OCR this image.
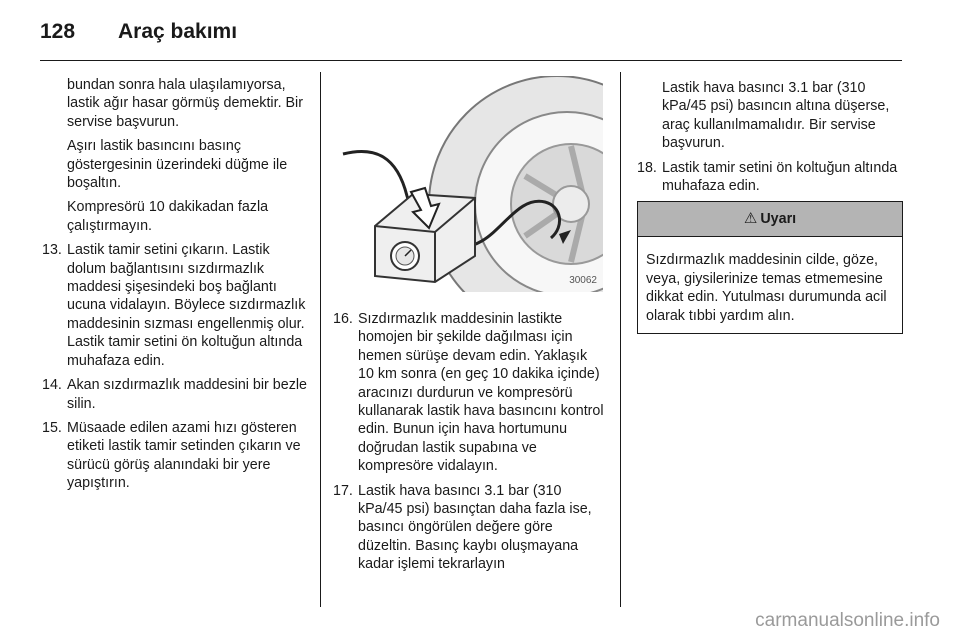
128 Araç bakımı

bundan sonra hala ulaşılamıyorsa, lastik ağır hasar görmüş demektir. Bir servise başvurun.

Aşırı lastik basıncını basınç göstergesinin üzerindeki düğme ile boşaltın.

Kompresörü 10 dakikadan fazla çalıştırmayın.

13. Lastik tamir setini çıkarın. Lastik dolum bağlantısını sızdırmazlık maddesi şişesindeki boş bağlantı ucuna vidalayın. Böylece sızdırmazlık maddesinin sızması engellenmiş olur. Lastik tamir setini ön koltuğun altında muhafaza edin.
14. Akan sızdırmazlık maddesini bir bezle silin.
15. Müsaade edilen azami hızı gösteren etiketi lastik tamir setinden çıkarın ve sürücü görüş alanındaki bir yere yapıştırın.
30062
16. Sızdırmazlık maddesinin lastikte homojen bir şekilde dağılması için hemen sürüşe devam edin. Yaklaşık 10 km sonra (en geç 10 dakika içinde) aracınızı durdurun ve kompresörü kullanarak lastik hava basıncını kontrol edin. Bunun için hava hortumunu doğrudan lastik supabına ve kompresöre vidalayın.
17. Lastik hava basıncı 3.1 bar (310 kPa/45 psi) basınçtan daha fazla ise, basıncı öngörülen değere göre düzeltin. Basınç kaybı oluşmayana kadar işlemi tekrarlayın

Lastik hava basıncı 3.1 bar (310 kPa/45 psi) basıncın altına düşerse, araç kullanılmamalıdır. Bir servise başvurun.

18. Lastik tamir setini ön koltuğun altında muhafaza edin.
⚠ Uyarı
Sızdırmazlık maddesinin cilde, göze, veya, giysilerinize temas etmemesine dikkat edin. Yutulması durumunda acil olarak tıbbi yardım alın.
carmanualsonline.info
